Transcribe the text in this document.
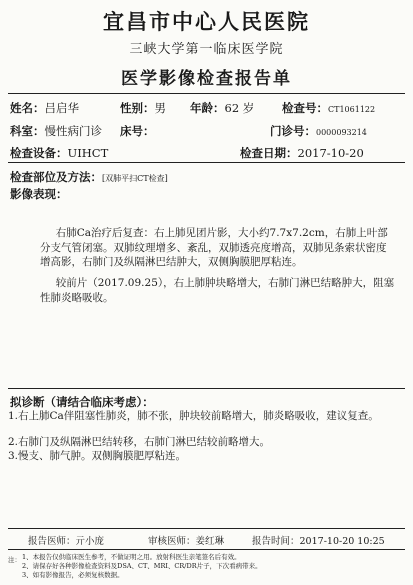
宜昌市中心人民医院
三峡大学第一临床医学院
医学影像检查报告单
姓名：吕启华	性别：男 年龄：62 岁 检查号：CT1061122
科室：慢性病门诊 床号：	门诊号：0000093214
检查设备：UIHCT	检查日期：2017-10-20
检查部位及方法：[双肺平扫CT检查]
影像表现：
右肺Ca治疗后复查：右上肺见团片影，大小约7.7x7.2cm，右肺上叶部分支气管闭塞。双肺纹理增多、紊乱，双肺透亮度增高，双肺见条索状密度增高影，右肺门及纵隔淋巴结肿大，双侧胸膜肥厚粘连。
较前片（2017.09.25），右上肺肿块略增大，右肺门淋巴结略肿大，阻塞性肺炎略吸收。
拟诊断（请结合临床考虑）：
1.右上肺Ca伴阻塞性肺炎，肺不张，肿块较前略增大，肺炎略吸收，建议复查。
2.右肺门及纵隔淋巴结转移，右肺门淋巴结较前略增大。
3.慢支、肺气肿。双侧胸膜肥厚粘连。
报告医师：亓小庞	审核医师：姜红琳	报告时间：2017-10-20 10:25
注： 1、本报告仅供临床医生参考，不做证明之用。放射科医生亲笔签名后有效。
2、请保存好各种影像检查资料及DSA、CT、MRI、CR/DR片子，下次看病带来。
3、如有影像报告，必须复核数据。
